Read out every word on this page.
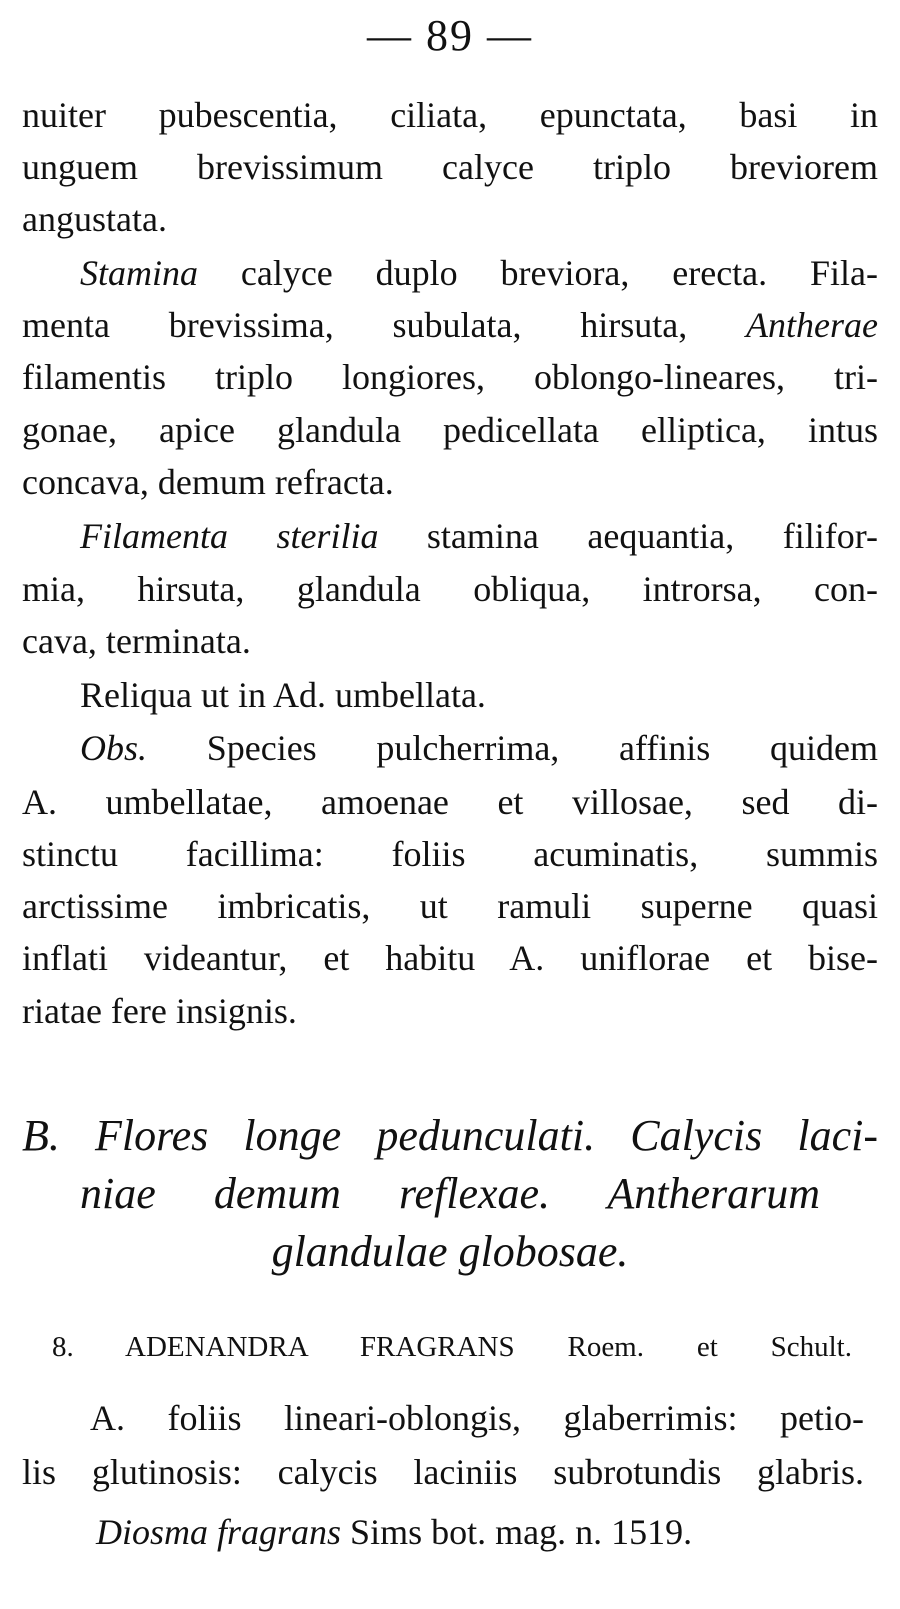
— 89 —
nuiter pubescentia, ciliata, epunctata, basi in
unguem brevissimum calyce triplo breviorem
angustata.
Stamina calyce duplo breviora, erecta. Fila-
menta brevissima, subulata, hirsuta, Antherae
filamentis triplo longiores, oblongo-lineares, tri-
gonae, apice glandula pedicellata elliptica, intus
concava, demum refracta.
Filamenta sterilia stamina aequantia, filifor-
mia, hirsuta, glandula obliqua, introrsa, con-
cava, terminata.
Reliqua ut in Ad. umbellata.
Obs. Species pulcherrima, affinis quidem
A. umbellatae, amoenae et villosae, sed di-
stinctu facillima: foliis acuminatis, summis
arctissime imbricatis, ut ramuli superne quasi
inflati videantur, et habitu A. uniflorae et bise-
riatae fere insignis.
B. Flores longe pedunculati. Calycis laci-
niae demum reflexae. Antherarum
glandulae globosae.
8. ADENANDRA FRAGRANS Roem. et Schult.
A. foliis lineari-oblongis, glaberrimis: petio-
lis glutinosis: calycis laciniis subrotundis glabris.
Diosma fragrans Sims bot. mag. n. 1519.
